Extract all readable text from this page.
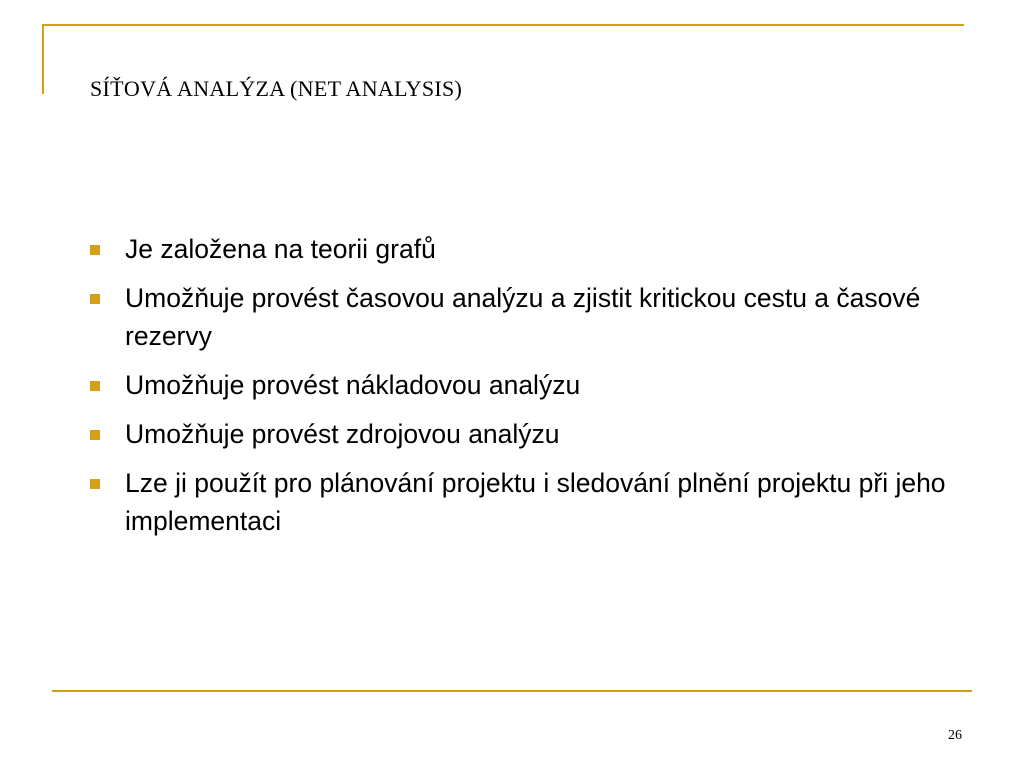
SÍŤOVÁ ANALÝZA (NET ANALYSIS)
Je založena na teorii grafů
Umožňuje provést časovou analýzu a zjistit kritickou cestu a časové rezervy
Umožňuje provést nákladovou analýzu
Umožňuje provést zdrojovou analýzu
Lze ji použít pro plánování projektu i sledování plnění projektu při jeho implementaci
26
